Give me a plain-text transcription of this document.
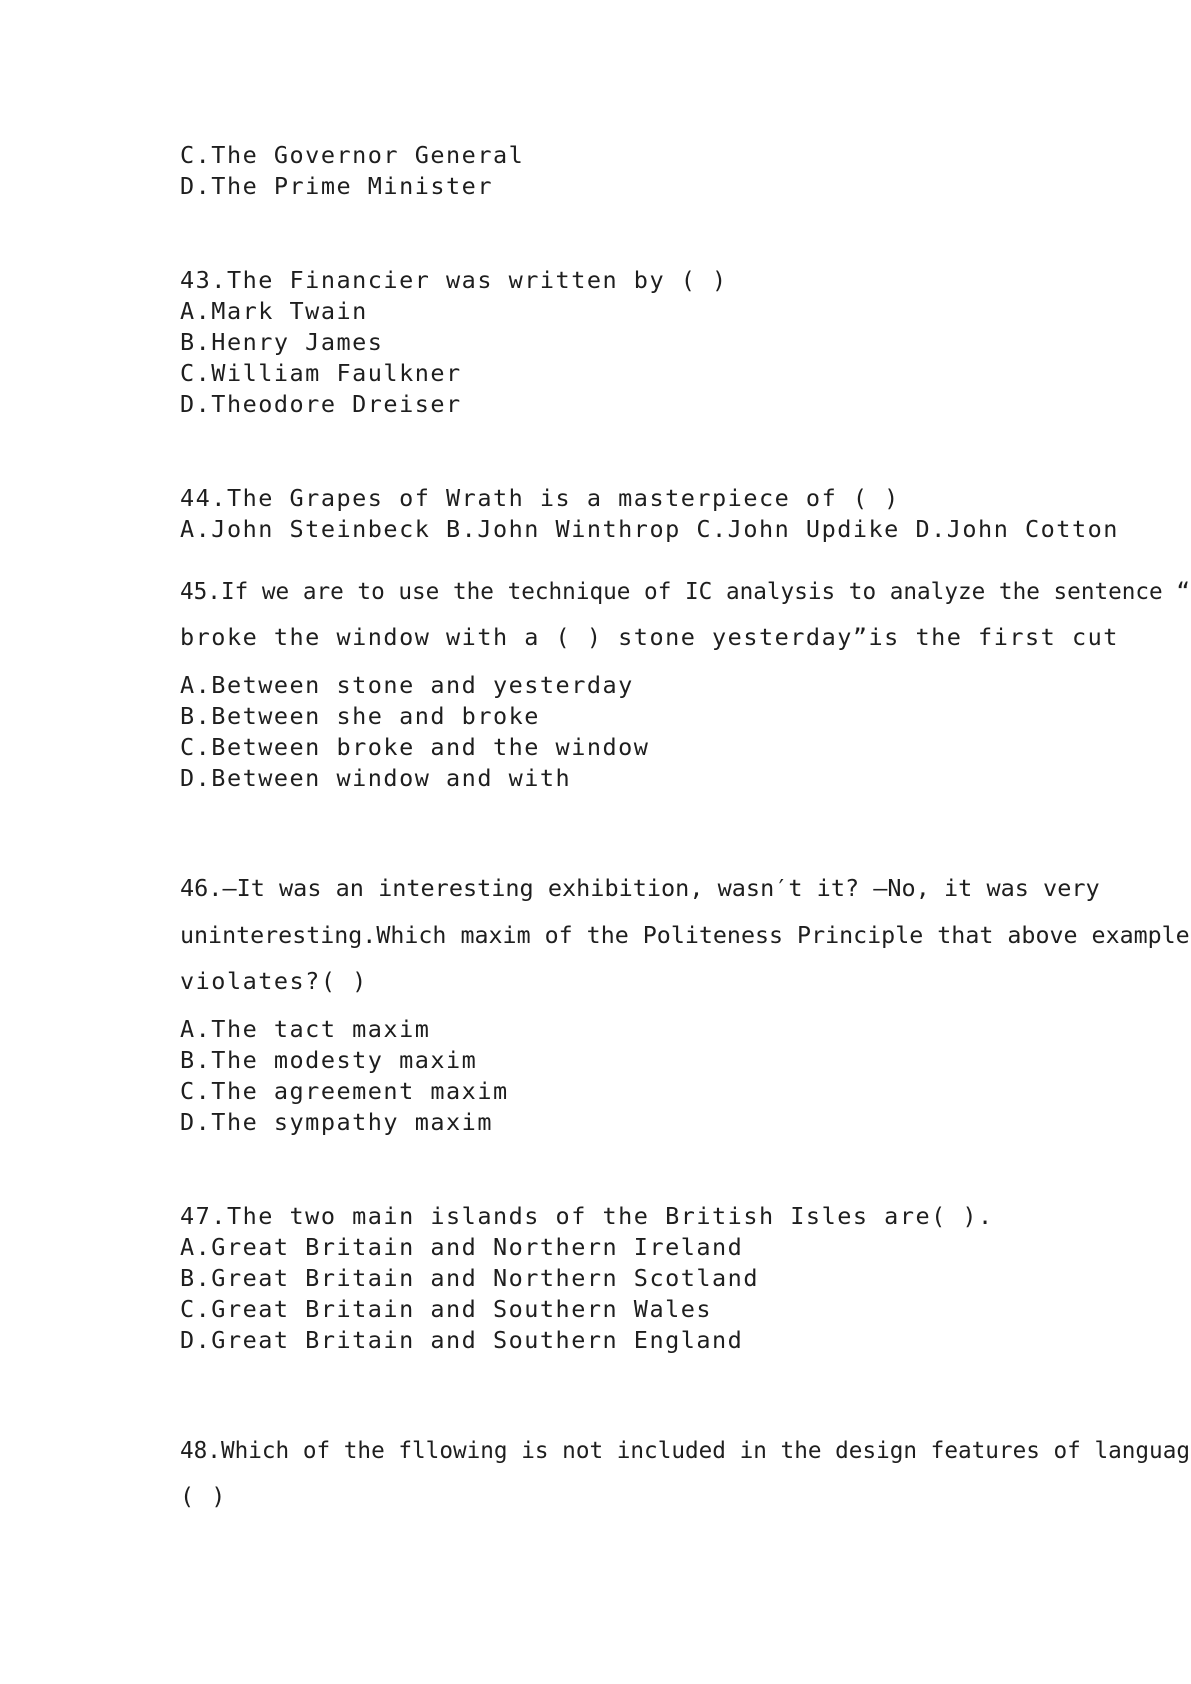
C.The Governor General
D.The Prime Minister
43.The Financier was written by ( )
A.Mark Twain
B.Henry James
C.William Faulkner
D.Theodore Dreiser
44.The Grapes of Wrath is a masterpiece of ( )
A.John Steinbeck B.John Winthrop C.John Updike D.John Cotton
45.If we are to use the technique of IC analysis to analyze the sentence “
broke the window with a ( ) stone yesterday”is the first cut
A.Between stone and yesterday
B.Between she and broke
C.Between broke and the window
D.Between window and with
46.—It was an interesting exhibition, wasn′t it? —No, it was very
uninteresting.Which maxim of the Politeness Principle that above example
violates?( )
A.The tact maxim
B.The modesty maxim
C.The agreement maxim
D.The sympathy maxim
47.The two main islands of the British Isles are( ).
A.Great Britain and Northern Ireland
B.Great Britain and Northern Scotland
C.Great Britain and Southern Wales
D.Great Britain and Southern England
48.Which of the fllowing is not included in the design features of languag
( )
